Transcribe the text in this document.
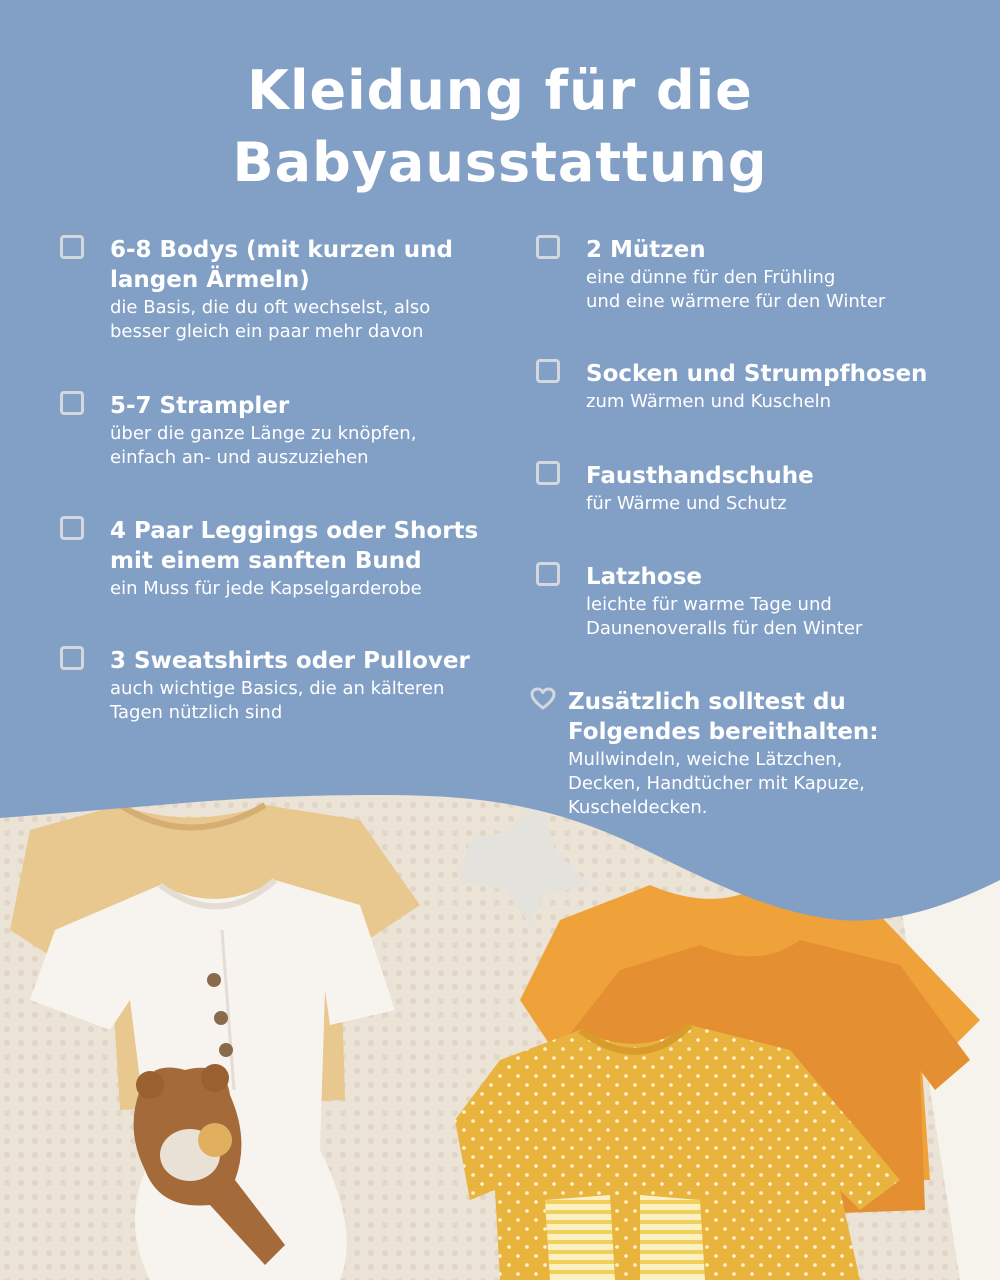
Kleidung für die
Babyausstattung
6-8 Bodys (mit kurzen und
langen Ärmeln)
die Basis, die du oft wechselst, also
besser gleich ein paar mehr davon
5-7 Strampler
über die ganze Länge zu knöpfen,
einfach an- und auszuziehen
4 Paar Leggings oder Shorts
mit einem sanften Bund
ein Muss für jede Kapselgarderobe
3 Sweatshirts oder Pullover
auch wichtige Basics, die an kälteren
Tagen nützlich sind
2 Mützen
eine dünne für den Frühling
und eine wärmere für den Winter
Socken und Strumpfhosen
zum Wärmen und Kuscheln
Fausthandschuhe
für Wärme und Schutz
Latzhose
leichte für warme Tage und
Daunenoveralls für den Winter
Zusätzlich solltest du
Folgendes bereithalten:
Mullwindeln, weiche Lätzchen,
Decken, Handtücher mit Kapuze,
Kuscheldecken.
